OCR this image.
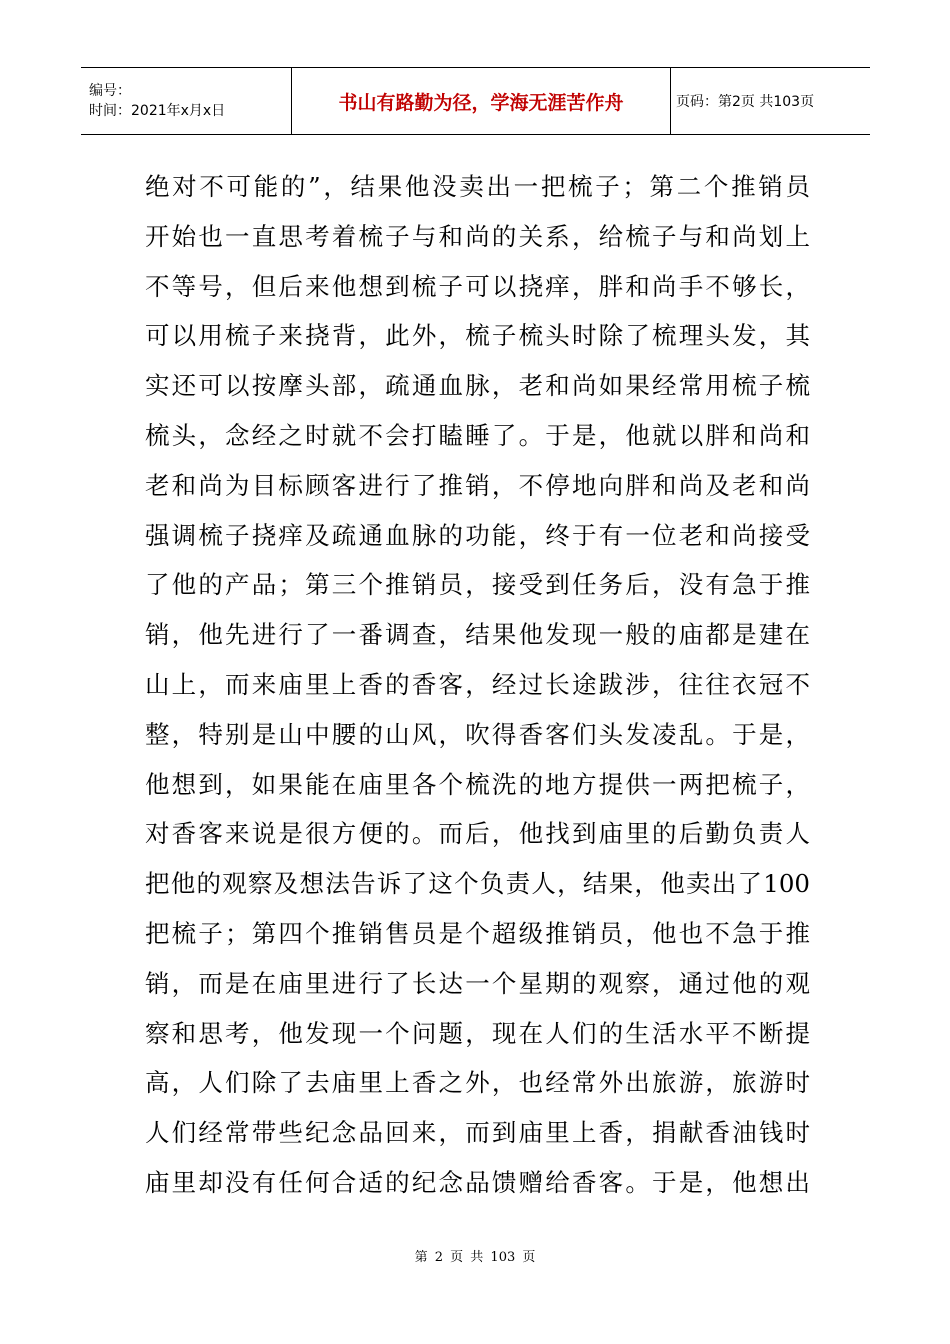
编号：
时间：2021年x月x日	书山有路勤为径，学海无涯苦作舟	页码：第2页 共103页
绝对不可能的”，结果他没卖出一把梳子；第二个推销员
开始也一直思考着梳子与和尚的关系，给梳子与和尚划上
不等号，但后来他想到梳子可以挠痒，胖和尚手不够长，
可以用梳子来挠背，此外，梳子梳头时除了梳理头发，其
实还可以按摩头部，疏通血脉，老和尚如果经常用梳子梳
梳头，念经之时就不会打瞌睡了。于是，他就以胖和尚和
老和尚为目标顾客进行了推销，不停地向胖和尚及老和尚
强调梳子挠痒及疏通血脉的功能，终于有一位老和尚接受
了他的产品；第三个推销员，接受到任务后，没有急于推
销，他先进行了一番调查，结果他发现一般的庙都是建在
山上，而来庙里上香的香客，经过长途跋涉，往往衣冠不
整，特别是山中腰的山风，吹得香客们头发凌乱。于是，
他想到，如果能在庙里各个梳洗的地方提供一两把梳子，
对香客来说是很方便的。而后，他找到庙里的后勤负责人
把他的观察及想法告诉了这个负责人，结果，他卖出了100
把梳子；第四个推销售员是个超级推销员，他也不急于推
销，而是在庙里进行了长达一个星期的观察，通过他的观
察和思考，他发现一个问题，现在人们的生活水平不断提
高，人们除了去庙里上香之外，也经常外出旅游，旅游时
人们经常带些纪念品回来，而到庙里上香，捐献香油钱时
庙里却没有任何合适的纪念品馈赠给香客。于是，他想出
第 2 页 共 103 页
